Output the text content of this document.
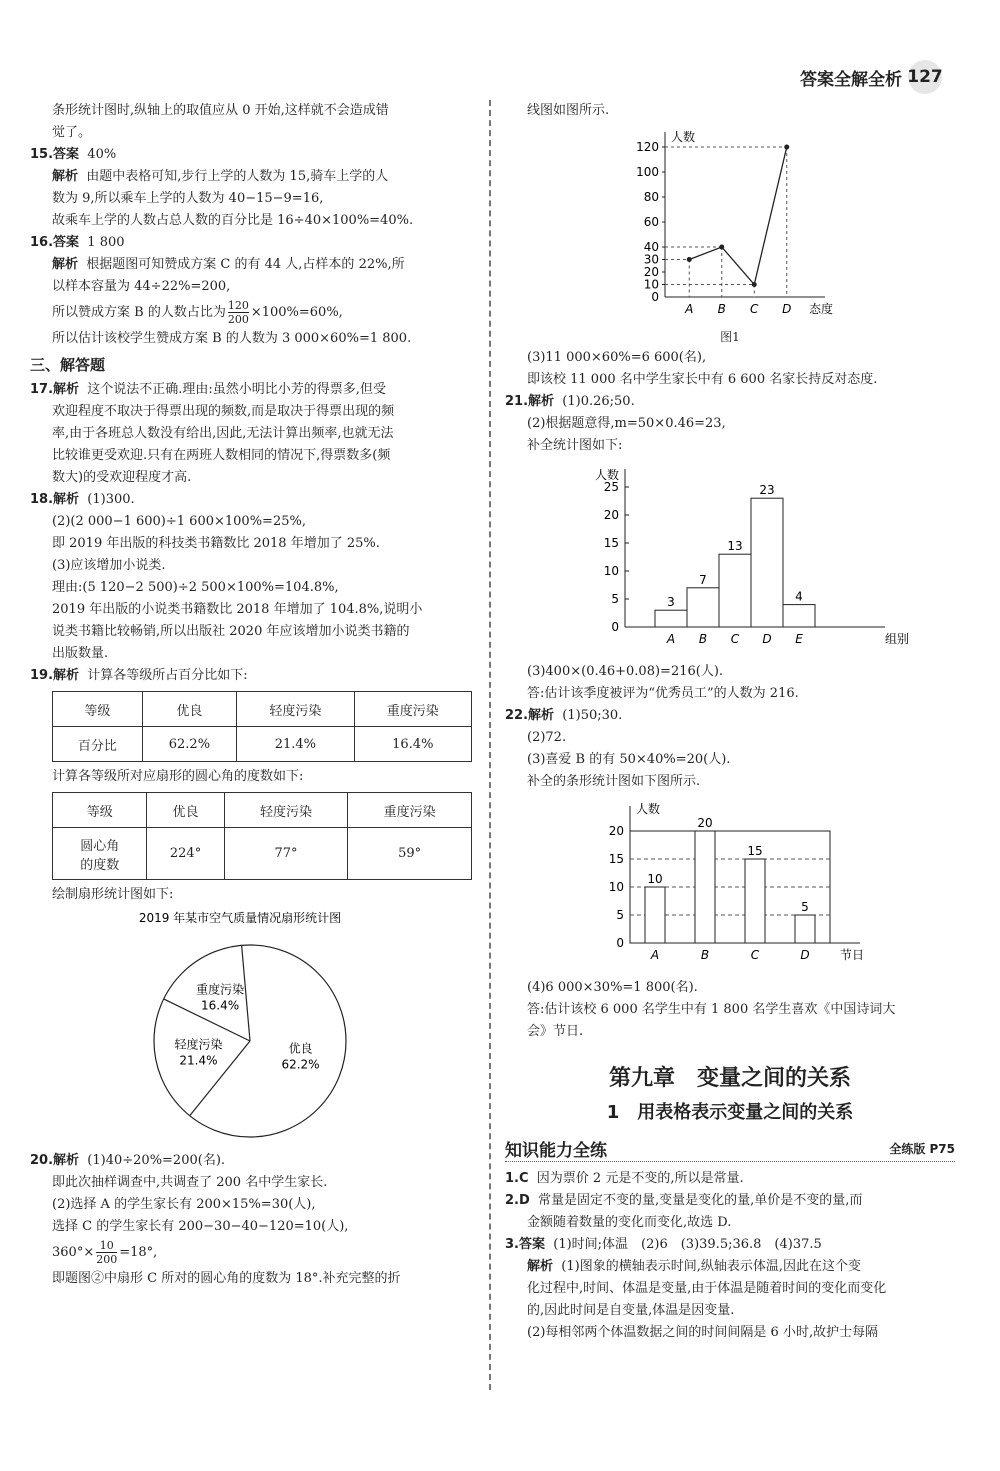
答案全解全析 127

条形统计图时,纵轴上的取值应从 0 开始,这样就不会造成错

觉了。

15.答案 40%

解析 由题中表格可知,步行上学的人数为 15,骑车上学的人

数为 9,所以乘车上学的人数为 40−15−9=16,

故乘车上学的人数占总人数的百分比是 16÷40×100%=40%.

16.答案 1 800

解析 根据题图可知赞成方案 C 的有 44 人,占样本的 22%,所

以样本容量为 44÷22%=200,

所以赞成方案 B 的人数占比为 $\frac{120}{200} \times 100\%=60\%$,

所以估计该校学生赞成方案 B 的人数为 3 000×60%=1 800.

三、解答题

17.解析 这个说法不正确.理由:虽然小明比小芳的得票多,但受

欢迎程度不取决于得票出现的频数,而是取决于得票出现的频

率,由于各班总人数没有给出,因此,无法计算出频率,也就无法

比较谁更受欢迎.只有在两班人数相同的情况下,得票数多(频

数大)的受欢迎程度才高.

18.解析 (1)300.

(2)(2 000−1 600)÷1 600×100%=25%,

即 2019 年出版的科技类书籍数比 2018 年增加了 25%.

(3)应该增加小说类.

理由:(5 120−2 500)÷2 500×100%=104.8%,

2019 年出版的小说类书籍数比 2018 年增加了 104.8%,说明小

说类书籍比较畅销,所以出版社 2020 年应该增加小说类书籍的

出版数量.

19.解析 计算各等级所占百分比如下:

等级	优良	轻度污染	重度污染
百分比	62.2%	21.4%	16.4%

计算各等级所对应扇形的圆心角的度数如下:

等级	优良	轻度污染	重度污染

圆心角
的度数	224°	77°	59°

绘制扇形统计图如下:

2019 年某市空气质量情况扇形统计图
优良
62.2%
轻度污染
21.4%
重度污染
16.4%

20.解析 (1)40÷20%=200(名).

即此次抽样调查中,共调查了 200 名中学生家长.

(2)选择 A 的学生家长有 200×15%=30(人),

选择 C 的学生家长有 200−30−40−120=10(人),

$360^\circ\times \frac{10}{200} =18^\circ$,

即题图②中扇形 C 所对的圆心角的度数为 18°.补充完整的折

线图如图所示.

人数
态度
0
10
20
30
40
60
80
100
120
A B C D
图1

(3)11 000×60%=6 600(名),

即该校 11 000 名中学生家长中有 6 600 名家长持反对态度.

21.解析 (1)0.26;50.

(2)根据题意得,m=50×0.46=23,

补全统计图如下:

人数
组别
0
5
10
15
20
25
3
A
7
B
13
C
23
D
4
E

(3)400×(0.46+0.08)=216(人).

答:估计该季度被评为“优秀员工”的人数为 216.

22.解析 (1)50;30.

(2)72.

(3)喜爱 B 的有 50×40%=20(人).

补全的条形统计图如下图所示.

人数
节日
0
5
10
15
20
10
A
20
B
15
C
5
D

(4)6 000×30%=1 800(名).

答:估计该校 6 000 名学生中有 1 800 名学生喜欢《中国诗词大

会》节日.

第九章　变量之间的关系
1　用表格表示变量之间的关系
知识能力全练	全练版 P75

1.C 因为票价 2 元是不变的,所以是常量.

2.D 常量是固定不变的量,变量是变化的量,单价是不变的量,而

金额随着数量的变化而变化,故选 D.

3.答案 (1)时间;体温　(2)6　(3)39.5;36.8　(4)37.5

解析 (1)图象的横轴表示时间,纵轴表示体温,因此在这个变

化过程中,时间、体温是变量,由于体温是随着时间的变化而变化

的,因此时间是自变量,体温是因变量.

(2)每相邻两个体温数据之间的时间间隔是 6 小时,故护士每隔
